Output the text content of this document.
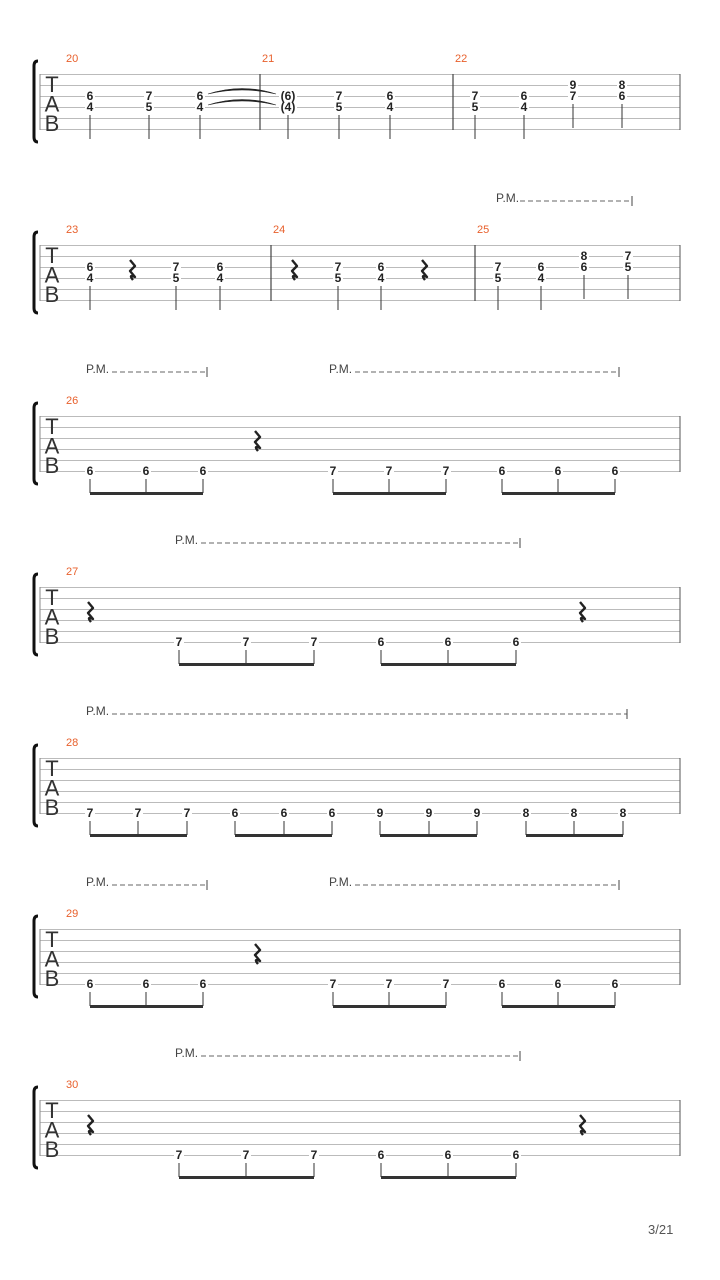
T
A
B
20
6
4
7
5
6
4
21
(6)
(4)
7
5
6
4
22
7
5
6
4
9
7
8
6
T
A
B
23
6
4
7
5
6
4
24
7
5
6
4
25
7
5
6
4
8
6
7
5
P.M.
T
A
B
26
6	6	6	7	7	7	6	6	6
P.M.	P.M.
T
A
B
27
7	7	7	6	6	6
P.M.
T
A
B
28
7	7	7	6	6	6	9	9	9	8	8	8
P.M.
T
A
B
29
6	6	6	7	7	7	6	6	6
P.M.	P.M.
T
A
B
30
7	7	7	6	6	6
P.M.
3/21
